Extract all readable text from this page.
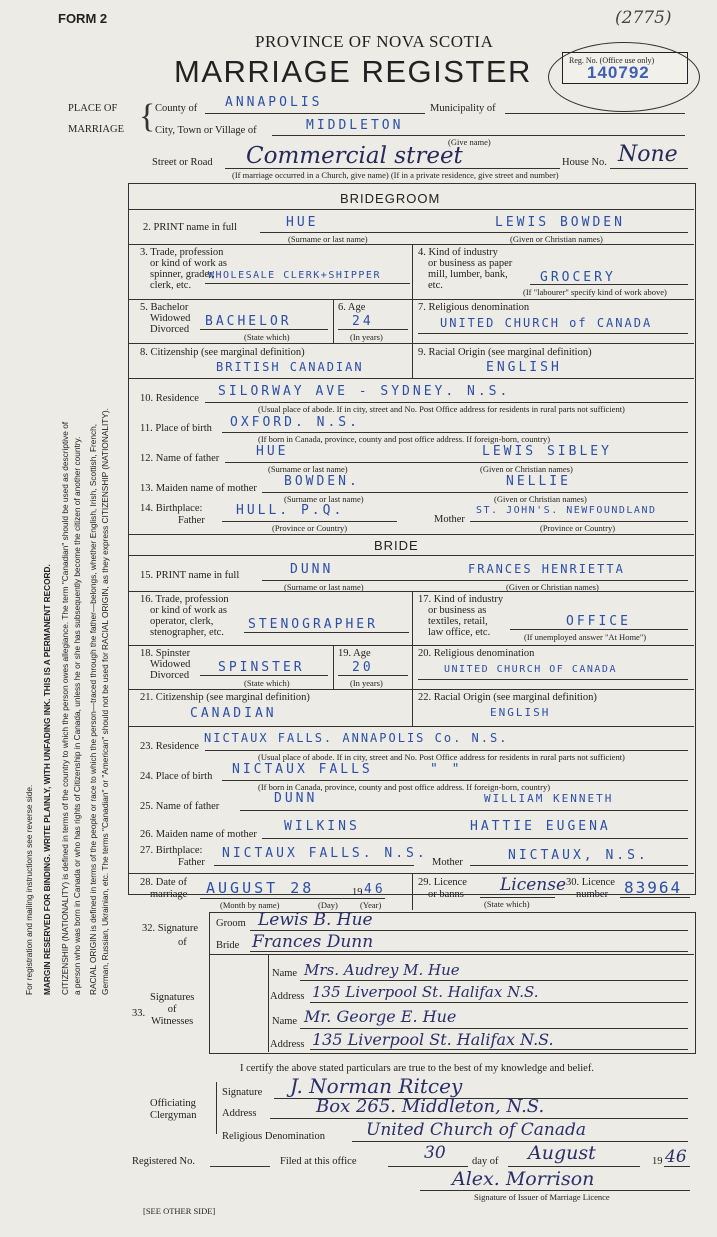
For registration and mailing instructions see reverse side. MARGIN RESERVED FOR BINDING. WRITE PLAINLY, WITH UNFADING INK. THIS IS A PERMANENT RECORD. CITIZENSHIP (NATIONALITY) is defined in terms of the country to which the person owes allegiance. The term "Canadian" should be used as descriptive of a person who was born in Canada or who has rights of Citizenship in Canada, unless he or she has subsequently become the citizen of another country. RACIAL ORIGIN is defined in terms of the people or race to which the person—traced through the father—belongs, whether English, Irish, Scottish, French, German, Russian, Ukrainian, etc. The terms "Canadian" or "American" should not be used for RACIAL ORIGIN, as they express CITIZENSHIP (NATIONALITY).
FORM 2	(2775)
PROVINCE OF NOVA SCOTIA
MARRIAGE REGISTER	Reg. No. (Office use only)
140792
PLACE OF
MARRIAGE { County of ANNAPOLIS	Municipality of
City, Town or Village of	MIDDLETON
(Give name)
Street or Road Commercial street	House No. None
(If marriage occurred in a Church, give name) (If in a private residence, give street and number)
BRIDEGROOM
2. PRINT name in full	HUE	LEWIS BOWDEN
(Surname or last name)	(Given or Christian names)
3. Trade, profession
or kind of work as
spinner, grader,
clerk, etc.
WHOLESALE CLERK+SHIPPER
4. Kind of industry
or business as paper
mill, lumber, bank,
etc.
GROCERY
(If "labourer" specify kind of work above)
5. Bachelor
Widowed
Divorced
BACHELOR
(State which)
6. Age
24
(In years)
7. Religious denomination
UNITED CHURCH of CANADA
8. Citizenship (see marginal definition)
BRITISH CANADIAN
9. Racial Origin (see marginal definition)
ENGLISH
10. Residence SILORWAY AVE - SYDNEY. N.S.
(Usual place of abode. If in city, street and No. Post Office address for residents in rural parts not sufficient)
11. Place of birth OXFORD. N.S.
(If born in Canada, province, county and post office address. If foreign-born, country)
12. Name of father	HUE	LEWIS SIBLEY
(Surname or last name)	(Given or Christian names)
13. Maiden name of mother BOWDEN.	NELLIE
(Surname or last name)	(Given or Christian names)
14. Birthplace:
Father
HULL. P.Q.
Mother
ST. JOHN'S. NEWFOUNDLAND
(Province or Country)	(Province or Country)
BRIDE
15. PRINT name in full	DUNN	FRANCES HENRIETTA
(Surname or last name)	(Given or Christian names)
16. Trade, profession
or kind of work as
operator, clerk,
stenographer, etc.
STENOGRAPHER
17. Kind of industry
or business as
textiles, retail,
law office, etc.
OFFICE
(If unemployed answer "At Home")
18. Spinster
Widowed
Divorced
SPINSTER
(State which)
19. Age
20
(In years)
20. Religious denomination
UNITED CHURCH OF CANADA
21. Citizenship (see marginal definition)
CANADIAN
22. Racial Origin (see marginal definition)
ENGLISH
23. Residence
NICTAUX FALLS. ANNAPOLIS Co. N.S.
(Usual place of abode. If in city, street and No. Post Office address for residents in rural parts not sufficient)
24. Place of birth NICTAUX FALLS	" "
(If born in Canada, province, county and post office address. If foreign-born, country)
25. Name of father
DUNN	WILLIAM KENNETH
26. Maiden name of mother
WILKINS	HATTIE EUGENA
27. Birthplace:
Father
NICTAUX FALLS. N.S.
Mother	NICTAUX, N.S.
28. Date of
marriage AUGUST 28	19 46
(Month by name)	(Day)	(Year)
29. Licence
or banns License
(State which)
30. Licence
number 83964
32. Signature
of
Groom Lewis B. Hue
Bride Frances Dunn
Signatures
of
Witnesses
33.
Name Mrs. Audrey M. Hue
Address 135 Liverpool St. Halifax N.S.
Name Mr. George E. Hue
Address 135 Liverpool St. Halifax N.S.
I certify the above stated particulars are true to the best of my knowledge and belief.
Officiating
Clergyman
Signature J. Norman Ritcey
Address	Box 265. Middleton, N.S.
Religious Denomination United Church of Canada
Registered No.	Filed at this office	30	day of August	19 46
Alex. Morrison
Signature of Issuer of Marriage Licence
[SEE OTHER SIDE]
